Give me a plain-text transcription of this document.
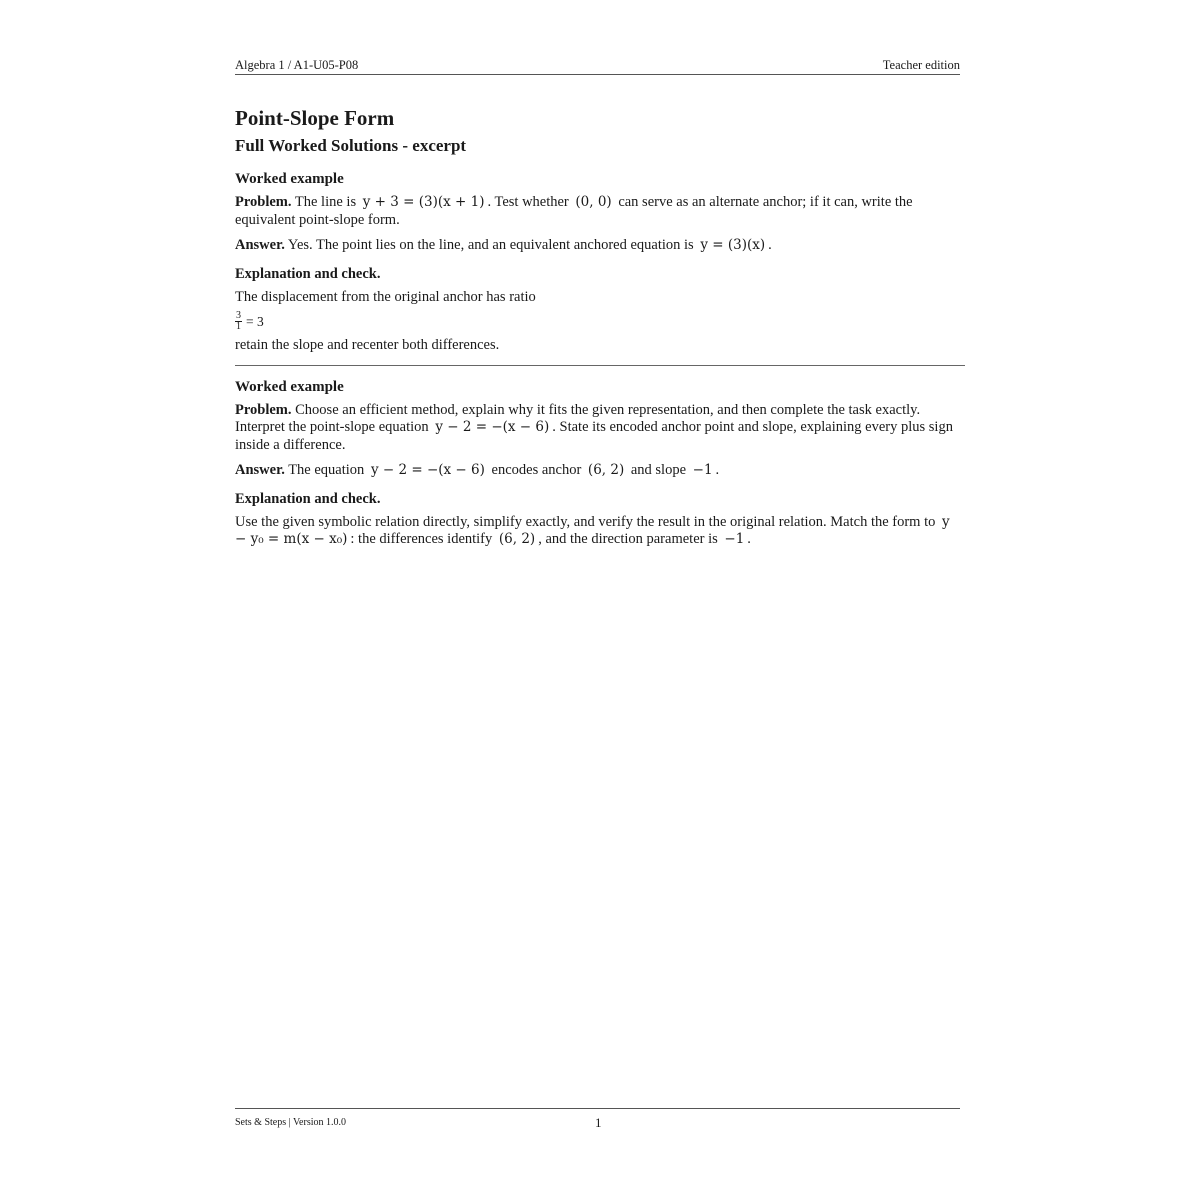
Algebra 1 / A1-U05-P08	Teacher edition
Point-Slope Form
Full Worked Solutions - excerpt
Worked example

Problem. The line is y + 3 = (3)(x + 1) . Test whether (0, 0) can serve as an alternate anchor; if it can, write the equivalent point-slope form.

Answer. Yes. The point lies on the line, and an equivalent anchored equation is y = (3)(x) .

Explanation and check.

The displacement from the original anchor has ratio

$\frac{3}{1} = 3$

retain the slope and recenter both differences.

Worked example

Problem. Choose an efficient method, explain why it fits the given representation, and then complete the task exactly. Interpret the point-slope equation y − 2 = −(x − 6) . State its encoded anchor point and slope, explaining every plus sign inside a difference.

Answer. The equation y − 2 = −(x − 6) encodes anchor (6, 2) and slope −1 .

Explanation and check.

Use the given symbolic relation directly, simplify exactly, and verify the result in the original relation. Match the form to y − y₀ = m(x − x₀) : the differences identify (6, 2) , and the direction parameter is −1 .

Sets & Steps | Version 1.0.0	1
